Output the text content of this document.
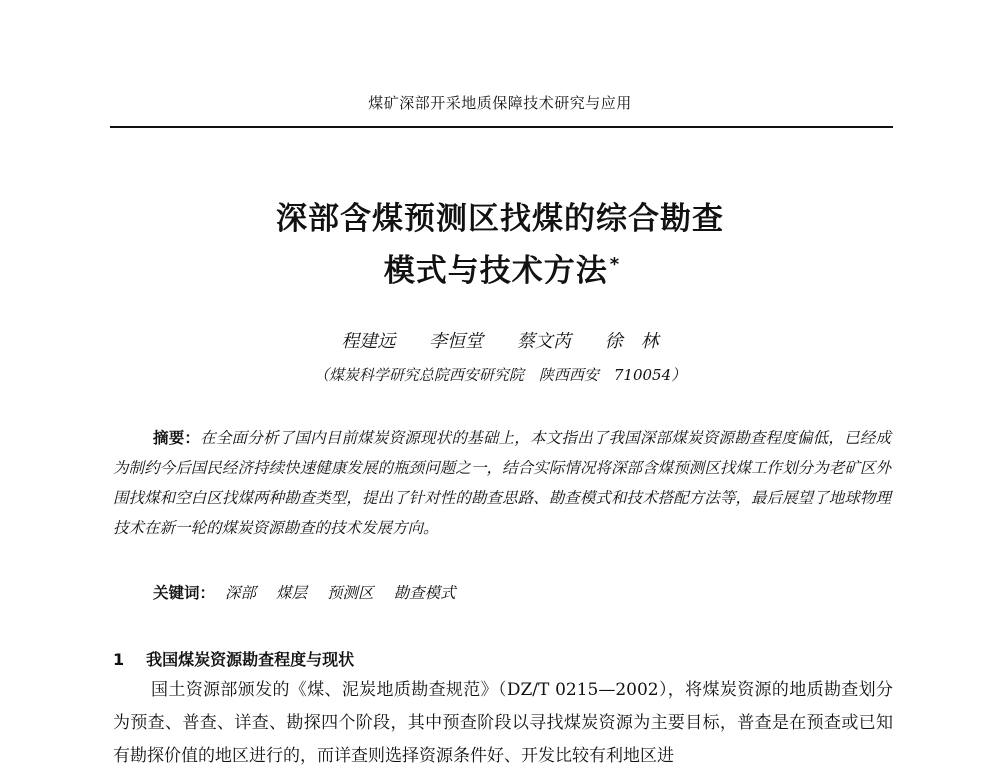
煤矿深部开采地质保障技术研究与应用
深部含煤预测区找煤的综合勘查
模式与技术方法 *
程建远 李恒堂 蔡文芮 徐　林
（煤炭科学研究总院西安研究院　陕西西安　710054）

摘要：在全面分析了国内目前煤炭资源现状的基础上，本文指出了我国深部煤炭资源勘查程度偏低，已经成为制约今后国民经济持续快速健康发展的瓶颈问题之一，结合实际情况将深部含煤预测区找煤工作划分为老矿区外围找煤和空白区找煤两种勘查类型，提出了针对性的勘查思路、勘查模式和技术搭配方法等，最后展望了地球物理技术在新一轮的煤炭资源勘查的技术发展方向。

关键词： 深部 煤层 预测区 勘查模式
1 我国煤炭资源勘查程度与现状

国土资源部颁发的《煤、泥炭地质勘查规范》（DZ/T 0215—2002），将煤炭资源的地质勘查划分为预查、普查、详查、勘探四个阶段，其中预查阶段以寻找煤炭资源为主要目标，普查是在预查或已知有勘探价值的地区进行的，而详查则选择资源条件好、开发比较有利地区进
